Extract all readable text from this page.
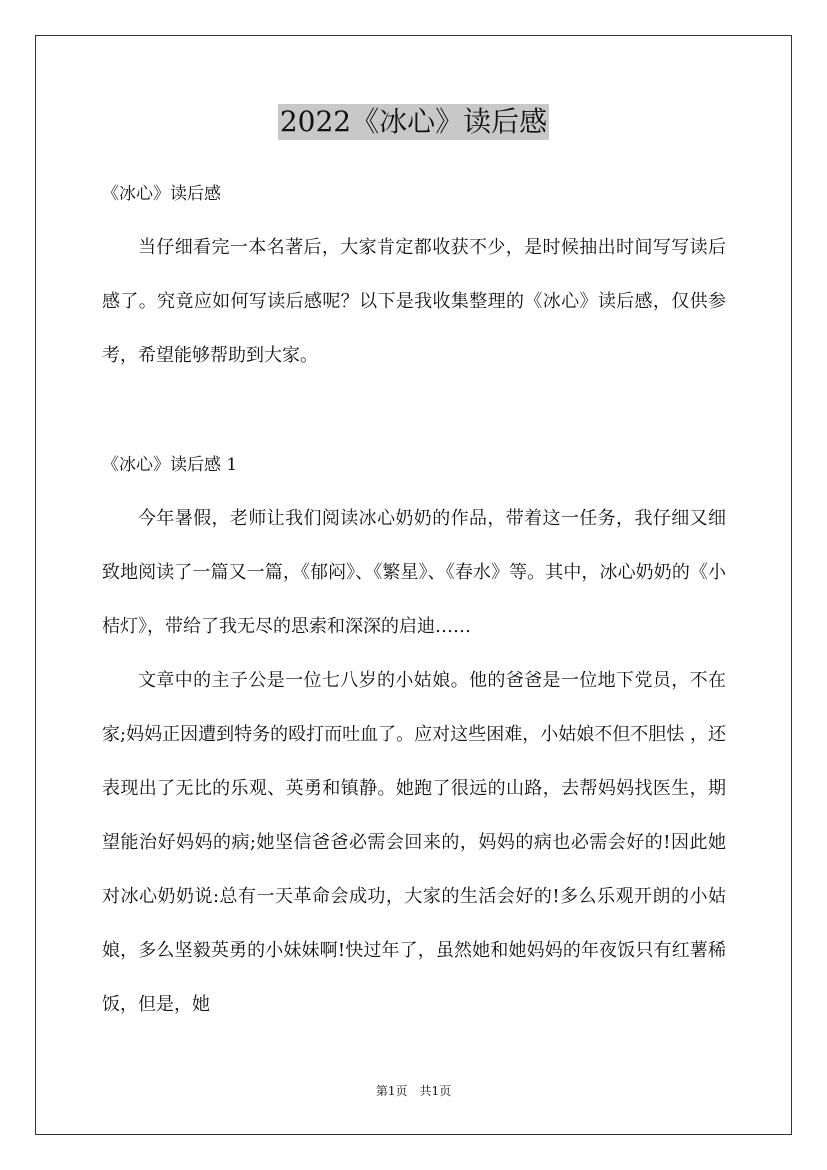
2022《冰心》读后感
《冰心》读后感

当仔细看完一本名著后，大家肯定都收获不少，是时候抽出时间写写读后感了。究竟应如何写读后感呢？以下是我收集整理的《冰心》读后感，仅供参考，希望能够帮助到大家。

《冰心》读后感 1

今年暑假，老师让我们阅读冰心奶奶的作品，带着这一任务，我仔细又细致地阅读了一篇又一篇，《郁闷》、《繁星》、《春水》等。其中，冰心奶奶的《小桔灯》，带给了我无尽的思索和深深的启迪……

文章中的主子公是一位七八岁的小姑娘。他的爸爸是一位地下党员，不在家;妈妈正因遭到特务的殴打而吐血了。应对这些困难，小姑娘不但不胆怯 ，还表现出了无比的乐观、英勇和镇静。她跑了很远的山路，去帮妈妈找医生，期望能治好妈妈的病;她坚信爸爸必需会回来的，妈妈的病也必需会好的!因此她对冰心奶奶说:总有一天革命会成功，大家的生活会好的!多么乐观开朗的小姑娘，多么坚毅英勇的小妹妹啊!快过年了，虽然她和她妈妈的年夜饭只有红薯稀饭，但是，她

第1页 共1页
